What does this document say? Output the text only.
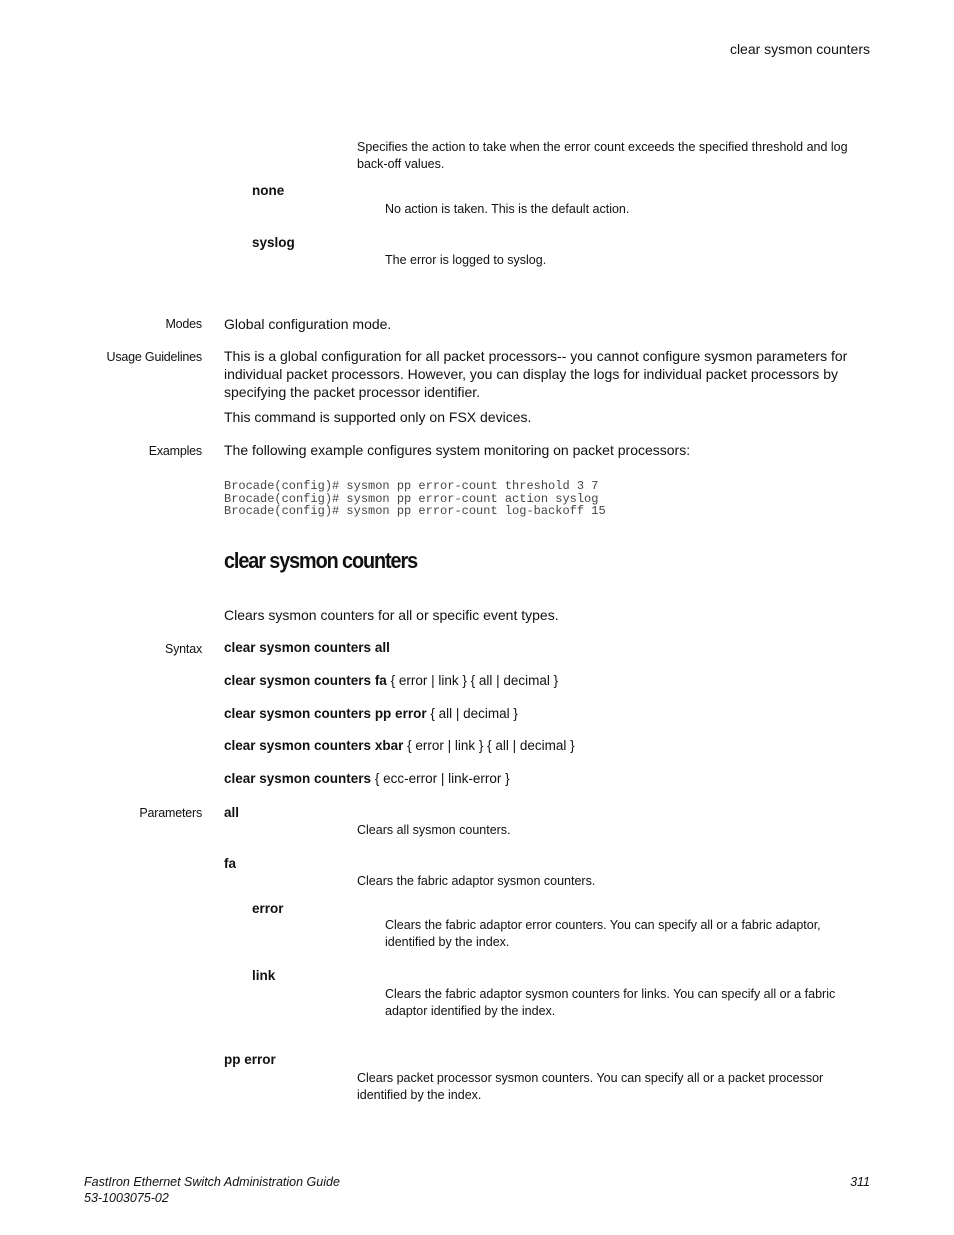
clear sysmon counters
Specifies the action to take when the error count exceeds the specified threshold and log back-off values.
none
No action is taken. This is the default action.
syslog
The error is logged to syslog.
Modes Global configuration mode.
Usage Guidelines This is a global configuration for all packet processors-- you cannot configure sysmon parameters for individual packet processors. However, you can display the logs for individual packet processors by specifying the packet processor identifier.
This command is supported only on FSX devices.
Examples The following example configures system monitoring on packet processors:
Brocade(config)# sysmon pp error-count threshold 3 7
Brocade(config)# sysmon pp error-count action syslog
Brocade(config)# sysmon pp error-count log-backoff 15
clear sysmon counters
Clears sysmon counters for all or specific event types.
Syntax clear sysmon counters all
clear sysmon counters fa { error | link } { all | decimal }
clear sysmon counters pp error { all | decimal }
clear sysmon counters xbar { error | link } { all | decimal }
clear sysmon counters { ecc-error | link-error }
Parameters all
Clears all sysmon counters.
fa
Clears the fabric adaptor sysmon counters.
error
Clears the fabric adaptor error counters. You can specify all or a fabric adaptor, identified by the index.
link
Clears the fabric adaptor sysmon counters for links. You can specify all or a fabric adaptor identified by the index.
pp error
Clears packet processor sysmon counters. You can specify all or a packet processor identified by the index.
FastIron Ethernet Switch Administration Guide
53-1003075-02
311
